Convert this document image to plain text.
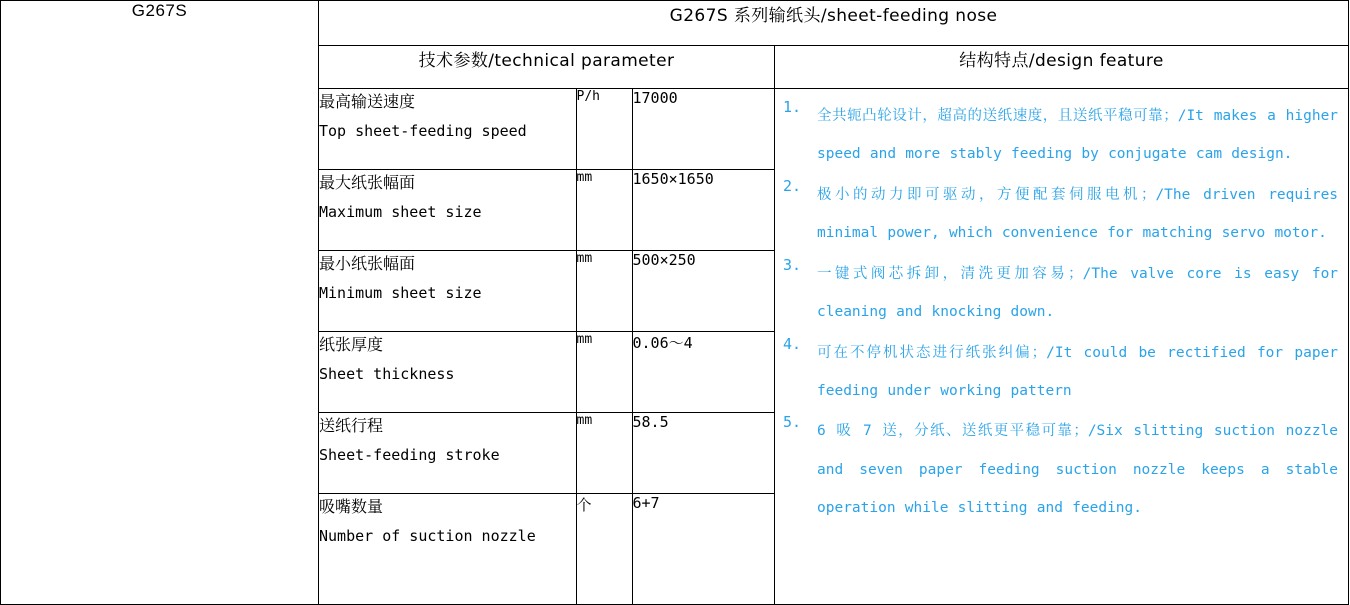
G267S	G267S 系列输纸头/sheet-feeding nose
技术参数/technical parameter	结构特点/design feature

最高输送速度
Top sheet-feeding speed
	P/h	17000

最大纸张幅面
Maximum sheet size
	mm	1650×1650

最小纸张幅面
Minimum sheet size
	mm	500×250

纸张厚度
Sheet thickness
	mm	0.06～4

送纸行程
Sheet-feeding stroke
	mm	58.5

吸嘴数量
Number of suction nozzle
	个	6+7

1.	全共轭凸轮设计，超高的送纸速度，且送纸平稳可靠；/It makes a higher speed and more stably feeding by conjugate cam design.
2.	极小的动力即可驱动，方便配套伺服电机；/The driven requires minimal power, which convenience for matching servo motor.
3.	一键式阀芯拆卸，清洗更加容易；/The valve core is easy for cleaning and knocking down.
4.	可在不停机状态进行纸张纠偏；/It could be rectified for paper feeding under working pattern
5.	6 吸 7 送，分纸、送纸更平稳可靠；/Six slitting suction nozzle and seven paper feeding suction nozzle keeps a stable operation while slitting and feeding.
